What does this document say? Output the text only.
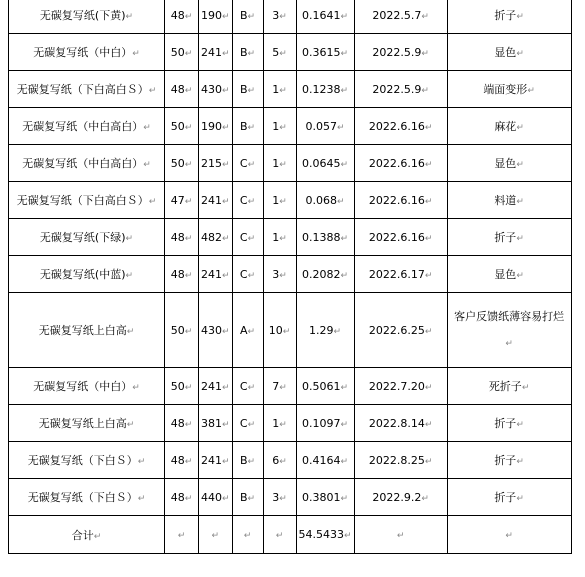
无碳复写纸(下黄)↵	48↵	190↵	B↵	3↵	0.1641↵	2022.5.7↵	折子↵
无碳复写纸（中白）↵	50↵	241↵	B↵	5↵	0.3615↵	2022.5.9↵	显色↵
无碳复写纸（下白高白Ｓ）↵	48↵	430↵	B↵	1↵	0.1238↵	2022.5.9↵	端面变形↵
无碳复写纸（中白高白）↵	50↵	190↵	B↵	1↵	0.057↵	2022.6.16↵	麻花↵
无碳复写纸（中白高白）↵	50↵	215↵	C↵	1↵	0.0645↵	2022.6.16↵	显色↵
无碳复写纸（下白高白Ｓ）↵	47↵	241↵	C↵	1↵	0.068↵	2022.6.16↵	料道↵
无碳复写纸(下绿)↵	48↵	482↵	C↵	1↵	0.1388↵	2022.6.16↵	折子↵
无碳复写纸(中蓝)↵	48↵	241↵	C↵	3↵	0.2082↵	2022.6.17↵	显色↵
无碳复写纸上白高↵	50↵	430↵	A↵	10↵	1.29↵	2022.6.25↵	客户反馈纸薄容易打烂
↵
无碳复写纸（中白）↵	50↵	241↵	C↵	7↵	0.5061↵	2022.7.20↵	死折子↵
无碳复写纸上白高↵	48↵	381↵	C↵	1↵	0.1097↵	2022.8.14↵	折子↵
无碳复写纸（下白Ｓ）↵	48↵	241↵	B↵	6↵	0.4164↵	2022.8.25↵	折子↵
无碳复写纸（下白Ｓ）↵	48↵	440↵	B↵	3↵	0.3801↵	2022.9.2↵	折子↵
合计↵	↵	↵	↵	↵	54.5433↵	↵	↵
